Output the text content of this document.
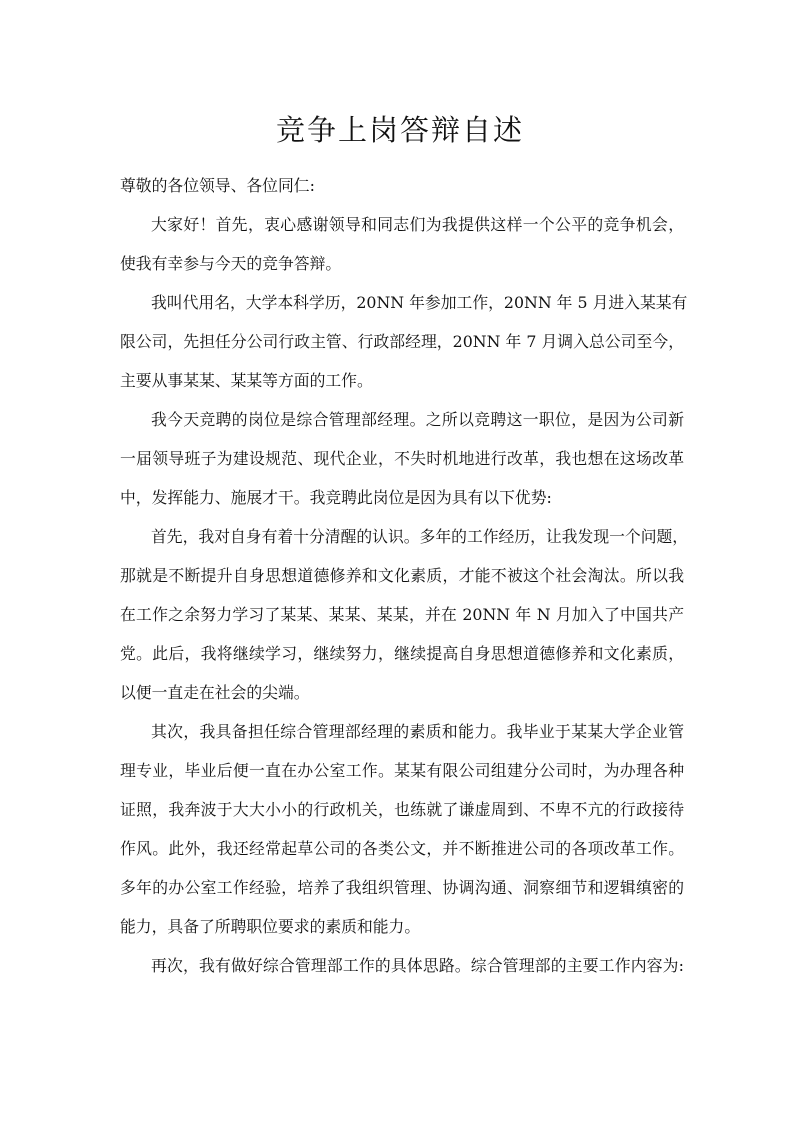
竞争上岗答辩自述

尊敬的各位领导、各位同仁:

大家好！首先，衷心感谢领导和同志们为我提供这样一个公平的竞争机会，
使我有幸参与今天的竞争答辩。

我叫代用名，大学本科学历，20NN 年参加工作，20NN 年 5 月进入某某有
限公司，先担任分公司行政主管、行政部经理，20NN 年 7 月调入总公司至今，
主要从事某某、某某等方面的工作。

我今天竞聘的岗位是综合管理部经理。之所以竞聘这一职位，是因为公司新
一届领导班子为建设规范、现代企业，不失时机地进行改革，我也想在这场改革
中，发挥能力、施展才干。我竞聘此岗位是因为具有以下优势:

首先，我对自身有着十分清醒的认识。多年的工作经历，让我发现一个问题，
那就是不断提升自身思想道德修养和文化素质，才能不被这个社会淘汰。所以我
在工作之余努力学习了某某、某某、某某，并在 20NN 年 N 月加入了中国共产
党。此后，我将继续学习，继续努力，继续提高自身思想道德修养和文化素质，
以便一直走在社会的尖端。

其次，我具备担任综合管理部经理的素质和能力。我毕业于某某大学企业管
理专业，毕业后便一直在办公室工作。某某有限公司组建分公司时，为办理各种
证照，我奔波于大大小小的行政机关，也练就了谦虚周到、不卑不亢的行政接待
作风。此外，我还经常起草公司的各类公文，并不断推进公司的各项改革工作。
多年的办公室工作经验，培养了我组织管理、协调沟通、洞察细节和逻辑缜密的
能力，具备了所聘职位要求的素质和能力。

再次，我有做好综合管理部工作的具体思路。综合管理部的主要工作内容为:
